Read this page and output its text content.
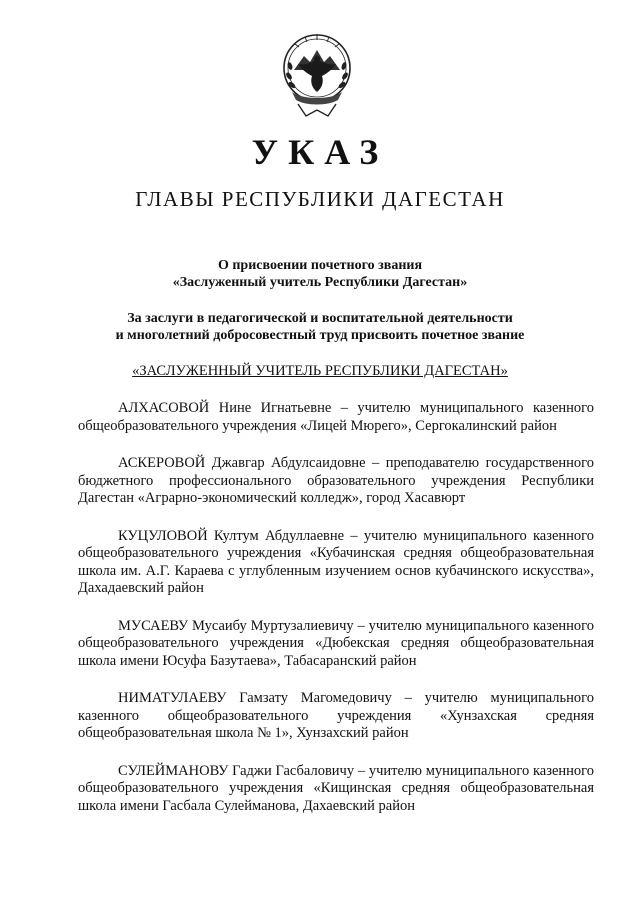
УКАЗ
ГЛАВЫ РЕСПУБЛИКИ ДАГЕСТАН
О присвоении почетного звания
«Заслуженный учитель Республики Дагестан»
За заслуги в педагогической и воспитательной деятельности
и многолетний добросовестный труд присвоить почетное звание
«ЗАСЛУЖЕННЫЙ УЧИТЕЛЬ РЕСПУБЛИКИ ДАГЕСТАН»

АЛХАСОВОЙ Нине Игнатьевне – учителю муниципального казенного общеобразовательного учреждения «Лицей Мюрего», Сергокалинский район

АСКЕРОВОЙ Джавгар Абдулсаидовне – преподавателю государственного бюджетного профессионального образовательного учреждения Республики Дагестан «Аграрно-экономический колледж», город Хасавюрт

КУЦУЛОВОЙ Култум Абдуллаевне – учителю муниципального казенного общеобразовательного учреждения «Кубачинская средняя общеобразовательная школа им. А.Г. Караева с углубленным изучением основ кубачинского искусства», Дахадаевский район

МУСАЕВУ Мусаибу Муртузалиевичу – учителю муниципального казенного общеобразовательного учреждения «Дюбекская средняя общеобразовательная школа имени Юсуфа Базутаева», Табасаранский район

НИМАТУЛАЕВУ Гамзату Магомедовичу – учителю муниципального казенного общеобразовательного учреждения «Хунзахская средняя общеобразовательная школа № 1», Хунзахский район

СУЛЕЙМАНОВУ Гаджи Гасбаловичу – учителю муниципального казенного общеобразовательного учреждения «Кищинская средняя общеобразовательная школа имени Гасбала Сулейманова, Дахаевский район
